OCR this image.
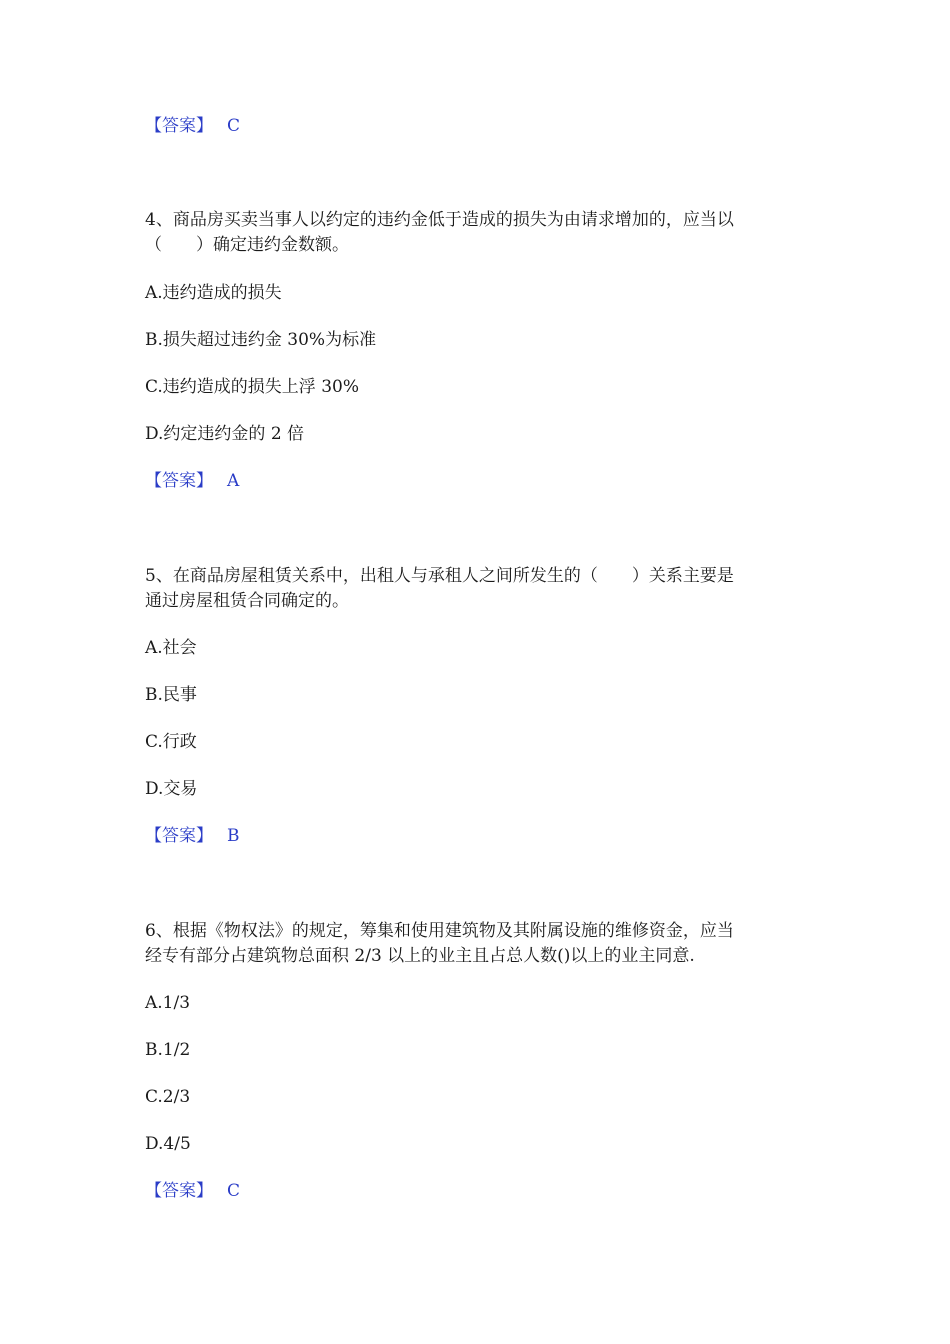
【答案】 C
4、商品房买卖当事人以约定的违约金低于造成的损失为由请求增加的，应当以
（　　）确定违约金数额。
A.违约造成的损失
B.损失超过违约金 30%为标准
C.违约造成的损失上浮 30%
D.约定违约金的 2 倍
【答案】 A
5、在商品房屋租赁关系中，出租人与承租人之间所发生的（　　）关系主要是
通过房屋租赁合同确定的。
A.社会
B.民事
C.行政
D.交易
【答案】 B
6、根据《物权法》的规定，筹集和使用建筑物及其附属设施的维修资金，应当
经专有部分占建筑物总面积 2/3 以上的业主且占总人数()以上的业主同意.
A.1/3
B.1/2
C.2/3
D.4/5
【答案】 C
